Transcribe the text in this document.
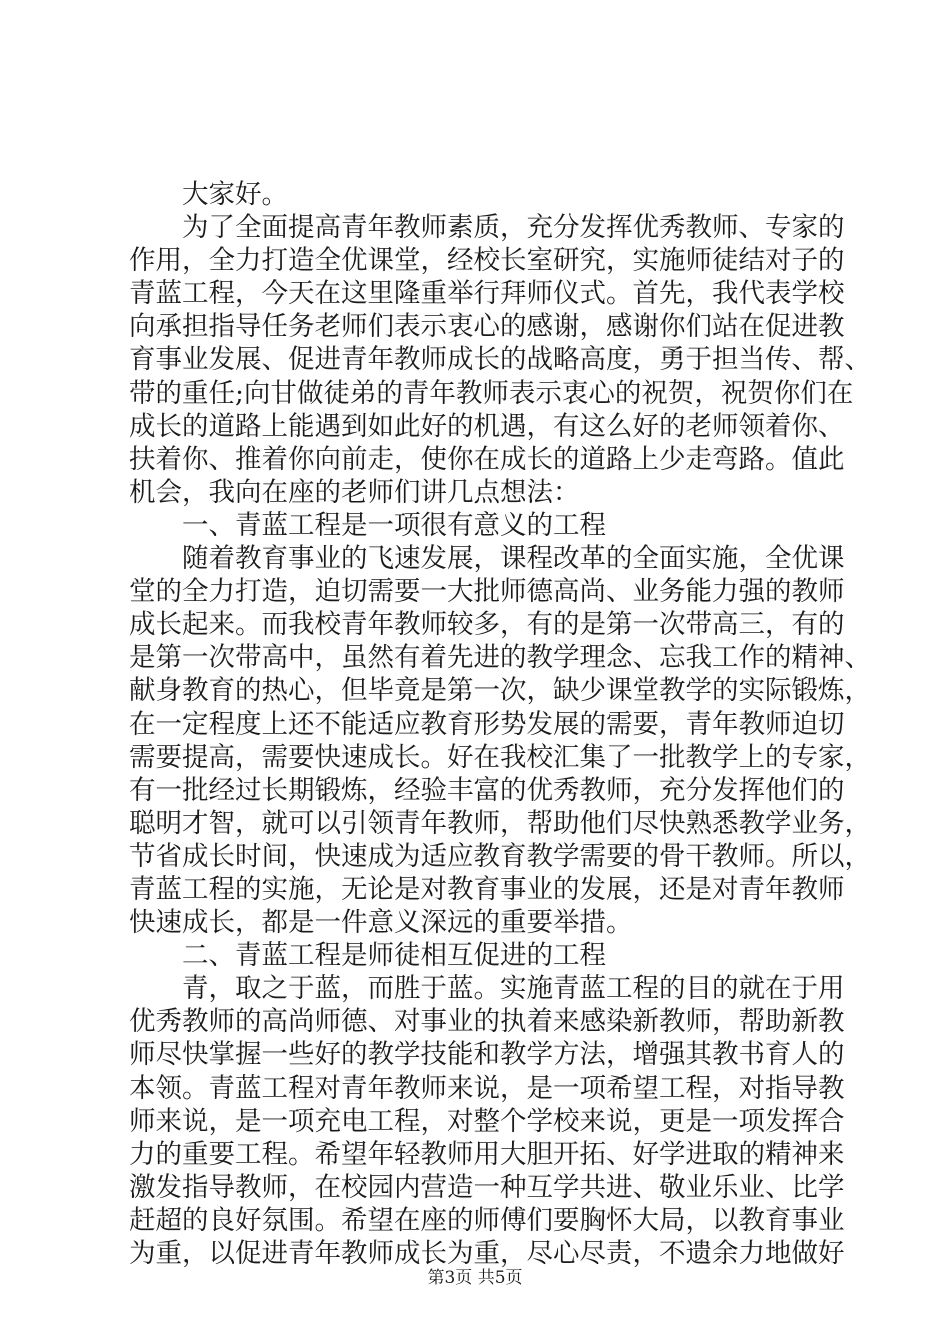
大家好。
为了全面提高青年教师素质，充分发挥优秀教师、专家的
作用，全力打造全优课堂，经校长室研究，实施师徒结对子的
青蓝工程，今天在这里隆重举行拜师仪式。首先，我代表学校
向承担指导任务老师们表示衷心的感谢，感谢你们站在促进教
育事业发展、促进青年教师成长的战略高度，勇于担当传、帮、
带的重任;向甘做徒弟的青年教师表示衷心的祝贺，祝贺你们在
成长的道路上能遇到如此好的机遇，有这么好的老师领着你、
扶着你、推着你向前走，使你在成长的道路上少走弯路。值此
机会，我向在座的老师们讲几点想法：
一、青蓝工程是一项很有意义的工程
随着教育事业的飞速发展，课程改革的全面实施，全优课
堂的全力打造，迫切需要一大批师德高尚、业务能力强的教师
成长起来。而我校青年教师较多，有的是第一次带高三，有的
是第一次带高中，虽然有着先进的教学理念、忘我工作的精神、
献身教育的热心，但毕竟是第一次，缺少课堂教学的实际锻炼，
在一定程度上还不能适应教育形势发展的需要，青年教师迫切
需要提高，需要快速成长。好在我校汇集了一批教学上的专家，
有一批经过长期锻炼，经验丰富的优秀教师，充分发挥他们的
聪明才智，就可以引领青年教师，帮助他们尽快熟悉教学业务，
节省成长时间，快速成为适应教育教学需要的骨干教师。所以，
青蓝工程的实施，无论是对教育事业的发展，还是对青年教师
快速成长，都是一件意义深远的重要举措。
二、青蓝工程是师徒相互促进的工程
青，取之于蓝，而胜于蓝。实施青蓝工程的目的就在于用
优秀教师的高尚师德、对事业的执着来感染新教师，帮助新教
师尽快掌握一些好的教学技能和教学方法，增强其教书育人的
本领。青蓝工程对青年教师来说，是一项希望工程，对指导教
师来说，是一项充电工程，对整个学校来说，更是一项发挥合
力的重要工程。希望年轻教师用大胆开拓、好学进取的精神来
激发指导教师，在校园内营造一种互学共进、敬业乐业、比学
赶超的良好氛围。希望在座的师傅们要胸怀大局，以教育事业
为重，以促进青年教师成长为重，尽心尽责，不遗余力地做好
第3页 共5页
